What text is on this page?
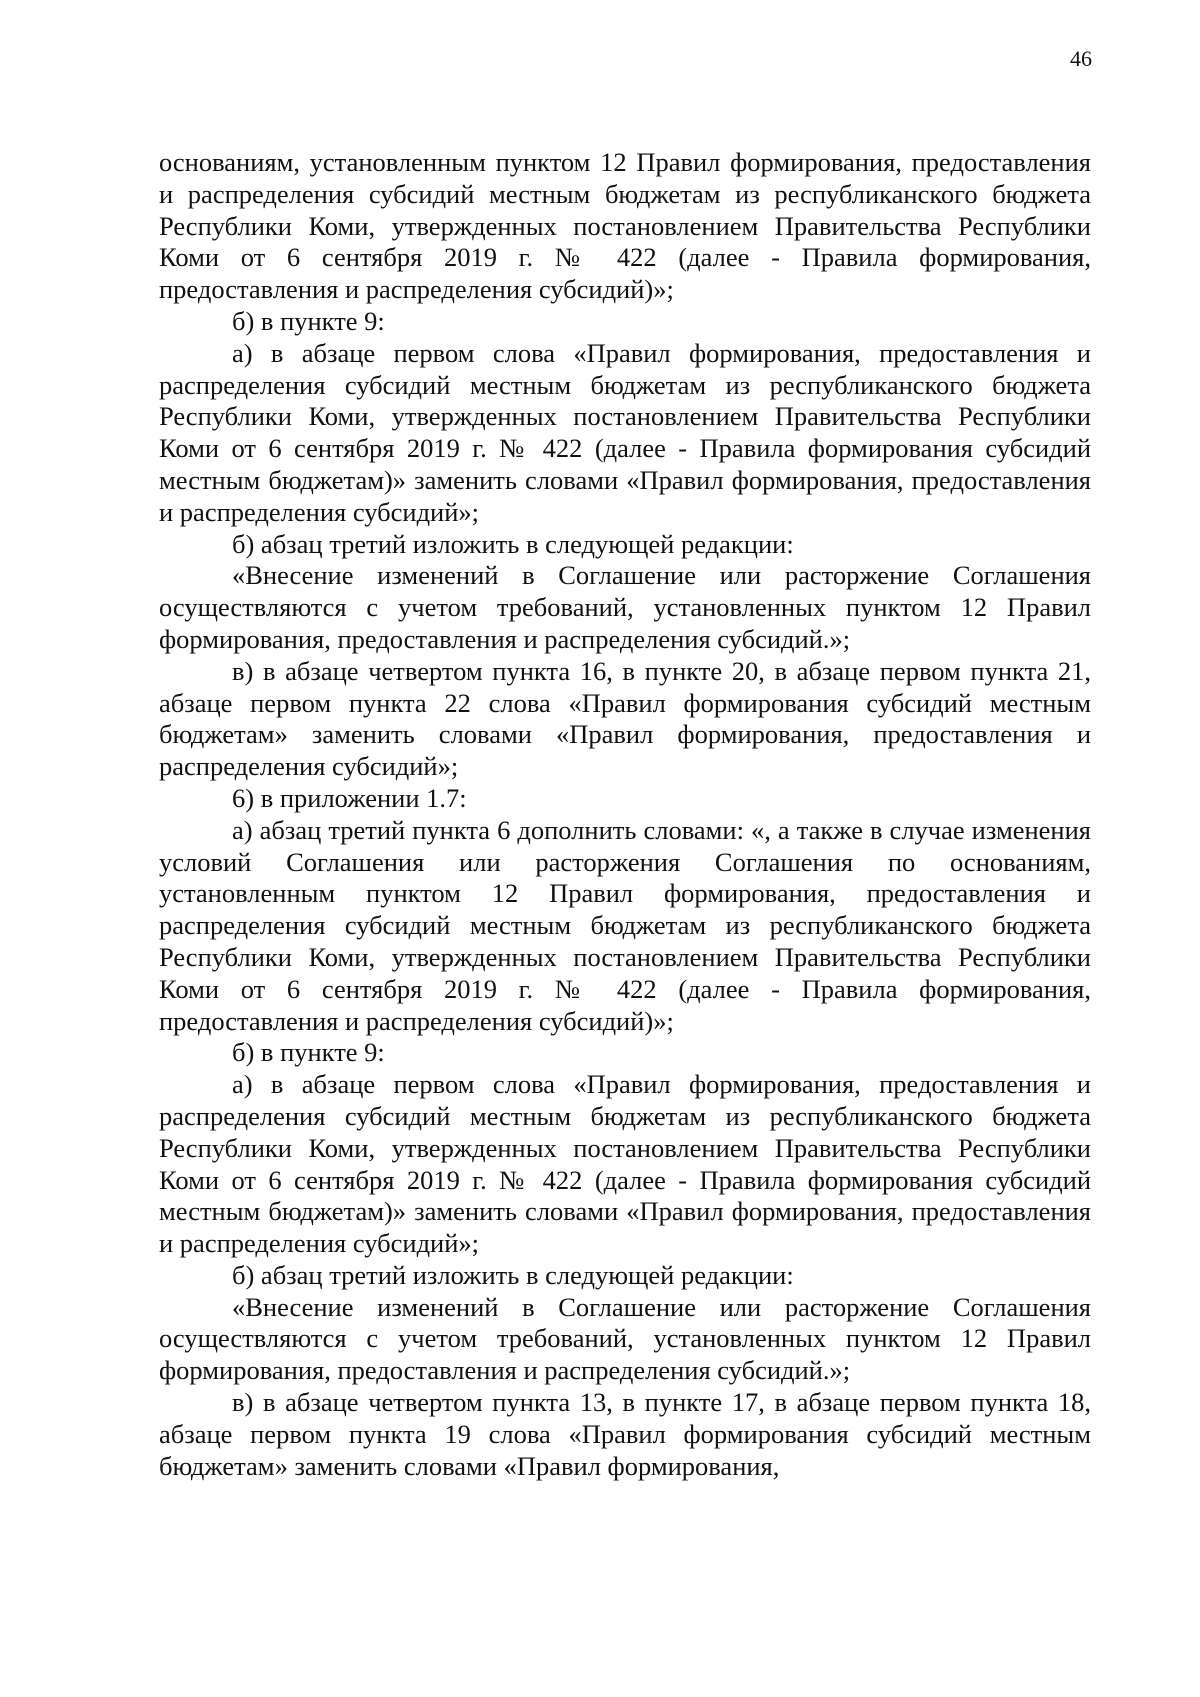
46

основаниям, установленным пунктом 12 Правил формирования, предоставления и распределения субсидий местным бюджетам из республиканского бюджета Республики Коми, утвержденных постановлением Правительства Республики Коми от 6 сентября 2019 г. № 422 (далее - Правила формирования, предоставления и распределения субсидий)»;

б) в пункте 9:

а) в абзаце первом слова «Правил формирования, предоставления и распределения субсидий местным бюджетам из республиканского бюджета Республики Коми, утвержденных постановлением Правительства Республики Коми от 6 сентября 2019 г. № 422 (далее - Правила формирования субсидий местным бюджетам)» заменить словами «Правил формирования, предоставления и распределения субсидий»;

б) абзац третий изложить в следующей редакции:

«Внесение изменений в Соглашение или расторжение Соглашения осуществляются с учетом требований, установленных пунктом 12 Правил формирования, предоставления и распределения субсидий.»;

в) в абзаце четвертом пункта 16, в пункте 20, в абзаце первом пункта 21, абзаце первом пункта 22 слова «Правил формирования субсидий местным бюджетам» заменить словами «Правил формирования, предоставления и распределения субсидий»;

6) в приложении 1.7:

а) абзац третий пункта 6 дополнить словами: «, а также в случае изменения условий Соглашения или расторжения Соглашения по основаниям, установленным пунктом 12 Правил формирования, предоставления и распределения субсидий местным бюджетам из республиканского бюджета Республики Коми, утвержденных постановлением Правительства Республики Коми от 6 сентября 2019 г. № 422 (далее - Правила формирования, предоставления и распределения субсидий)»;

б) в пункте 9:

а) в абзаце первом слова «Правил формирования, предоставления и распределения субсидий местным бюджетам из республиканского бюджета Республики Коми, утвержденных постановлением Правительства Республики Коми от 6 сентября 2019 г. № 422 (далее - Правила формирования субсидий местным бюджетам)» заменить словами «Правил формирования, предоставления и распределения субсидий»;

б) абзац третий изложить в следующей редакции:

«Внесение изменений в Соглашение или расторжение Соглашения осуществляются с учетом требований, установленных пунктом 12 Правил формирования, предоставления и распределения субсидий.»;

в) в абзаце четвертом пункта 13, в пункте 17, в абзаце первом пункта 18, абзаце первом пункта 19 слова «Правил формирования субсидий местным бюджетам» заменить словами «Правил формирования,
